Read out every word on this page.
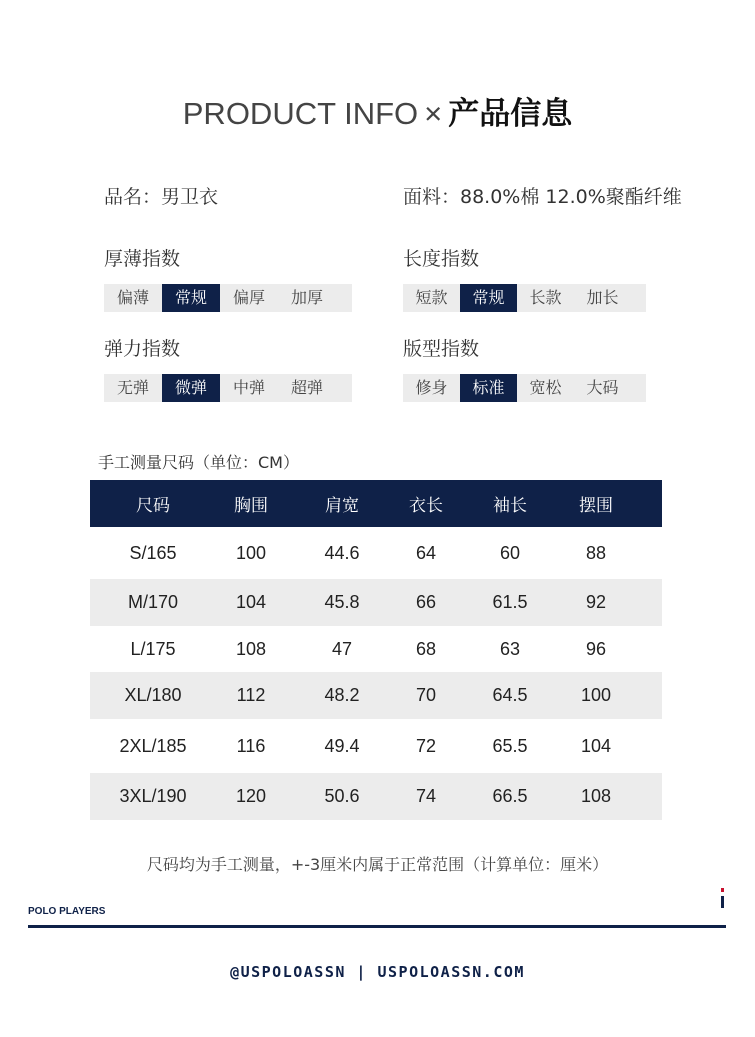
PRODUCT INFO × 产品信息
品名：男卫衣	面料：88.0%棉 12.0%聚酯纤维
厚薄指数
偏薄	常规	偏厚	加厚
长度指数
短款	常规	长款	加长
弹力指数
无弹	微弹	中弹	超弹
版型指数
修身	标准	宽松	大码
手工测量尺码（单位：CM）
尺码	胸围	肩宽	衣长	袖长	摆围
S/165	100	44.6	64	60	88
M/170	104	45.8	66	61.5	92
L/175	108	47	68	63	96
XL/180	112	48.2	70	64.5	100
2XL/185	116	49.4	72	65.5	104
3XL/190	120	50.6	74	66.5	108
尺码均为手工测量，+-3厘米内属于正常范围（计算单位：厘米）
POLO PLAYERS
@USPOLOASSN | USPOLOASSN.COM
